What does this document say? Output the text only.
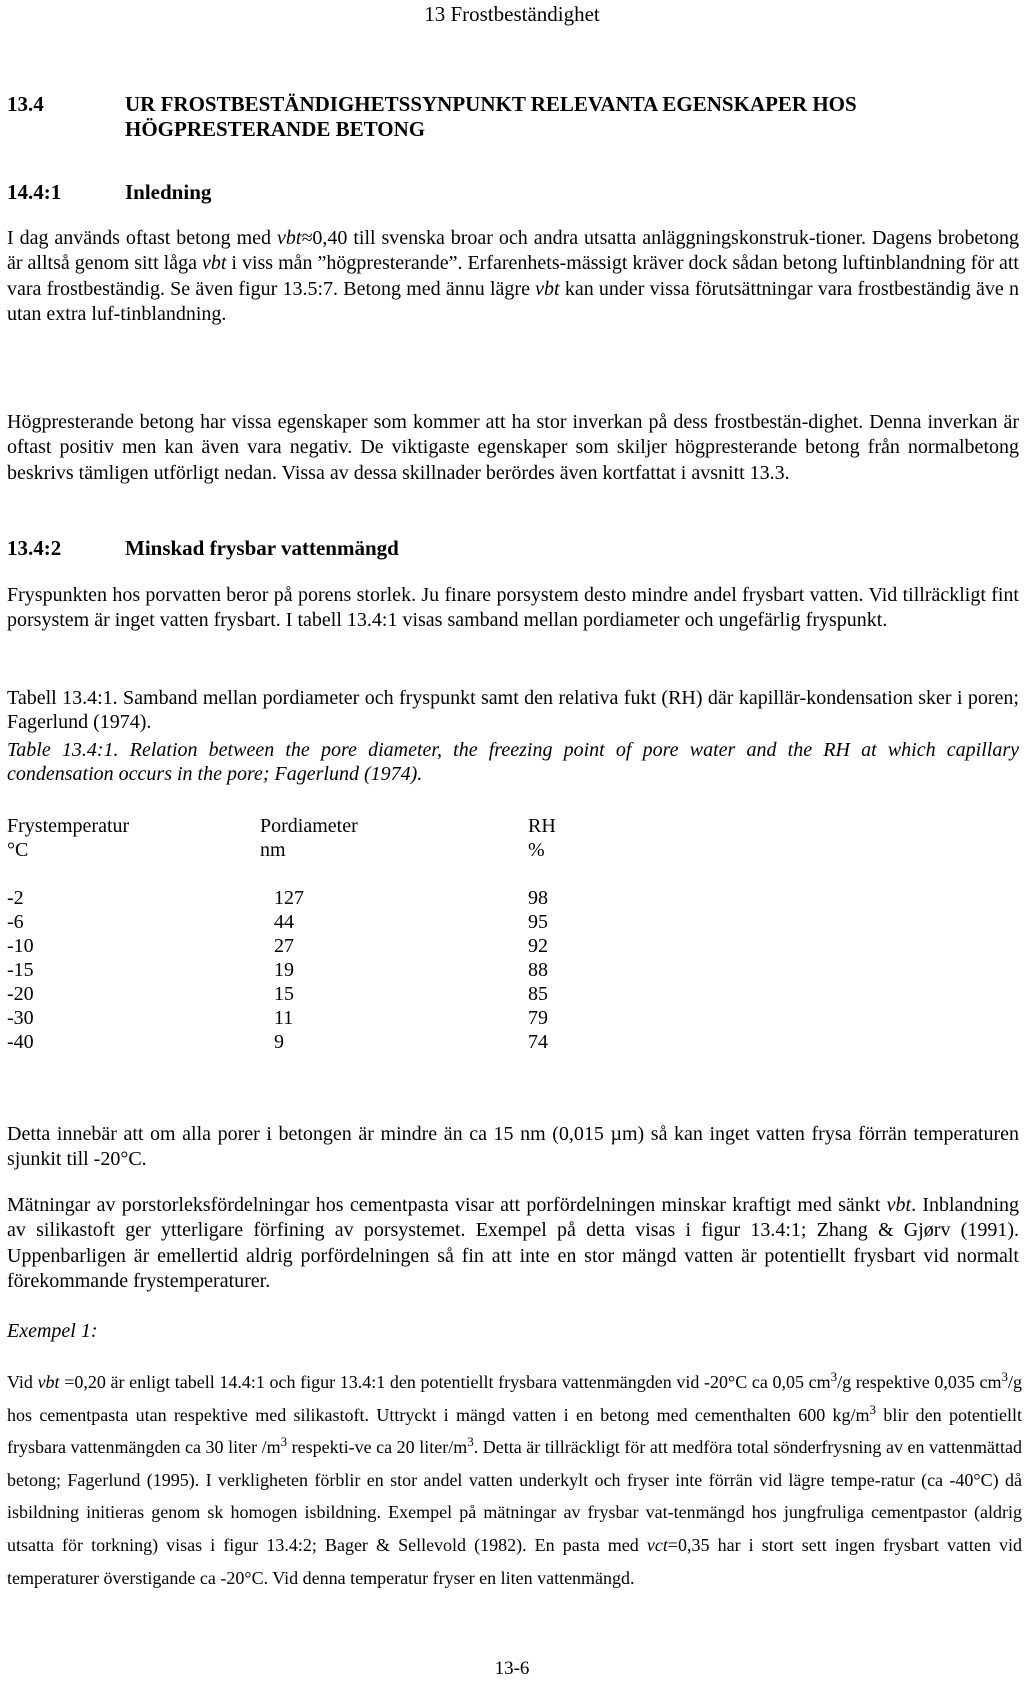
13 Frostbeständighet
13.4	UR FROSTBESTÄNDIGHETSSYNPUNKT RELEVANTA EGENSKAPER HOS
HÖGPRESTERANDE BETONG
14.4:1	Inledning

I dag används oftast betong med vbt≈0,40 till svenska broar och andra utsatta anläggningskonstruk-tioner. Dagens brobetong är alltså genom sitt låga vbt i viss mån ”högpresterande”. Erfarenhets-mässigt kräver dock sådan betong luftinblandning för att vara frostbeständig. Se även figur 13.5:7. Betong med ännu lägre vbt kan under vissa förutsättningar vara frostbeständig äve n utan extra luf-tinblandning.

Högpresterande betong har vissa egenskaper som kommer att ha stor inverkan på dess frostbestän-dighet. Denna inverkan är oftast positiv men kan även vara negativ. De viktigaste egenskaper som skiljer högpresterande betong från normalbetong beskrivs tämligen utförligt nedan. Vissa av dessa skillnader berördes även kortfattat i avsnitt 13.3.

13.4:2	Minskad frysbar vattenmängd

Fryspunkten hos porvatten beror på porens storlek. Ju finare porsystem desto mindre andel frysbart vatten. Vid tillräckligt fint porsystem är inget vatten frysbart. I tabell 13.4:1 visas samband mellan pordiameter och ungefärlig fryspunkt.

Tabell 13.4:1. Samband mellan pordiameter och fryspunkt samt den relativa fukt (RH) där kapillär-kondensation sker i poren; Fagerlund (1974).

Table 13.4:1. Relation between the pore diameter, the freezing point of pore water and the RH at which capillary condensation occurs in the pore; Fagerlund (1974).

Frystemperatur	Pordiameter	RH
°C	nm	%

-2	127	98
-6	44	95
-10	27	92
-15	19	88
-20	15	85
-30	11	79
-40	9	74

Detta innebär att om alla porer i betongen är mindre än ca 15 nm (0,015 µm) så kan inget vatten frysa förrän temperaturen sjunkit till -20°C.

Mätningar av porstorleksfördelningar hos cementpasta visar att porfördelningen minskar kraftigt med sänkt vbt. Inblandning av silikastoft ger ytterligare förfining av porsystemet. Exempel på detta visas i figur 13.4:1; Zhang & Gjørv (1991). Uppenbarligen är emellertid aldrig porfördelningen så fin att inte en stor mängd vatten är potentiellt frysbart vid normalt förekommande frystemperaturer.

Exempel 1:

Vid vbt =0,20 är enligt tabell 14.4:1 och figur 13.4:1 den potentiellt frysbara vattenmängden vid -20°C ca 0,05 $cm^3/g$ respektive 0,035 $cm^3/g$ hos cementpasta utan respektive med silikastoft. Uttryckt i mängd vatten i en betong med cementhalten 600 $kg/m^3$ blir den potentiellt frysbara vattenmängden ca 30 liter $/m^3$ respekti-ve ca 20 liter/$m^3$. Detta är tillräckligt för att medföra total sönderfrysning av en vattenmättad betong; Fagerlund (1995). I verkligheten förblir en stor andel vatten underkylt och fryser inte förrän vid lägre tempe-ratur (ca -40°C) då isbildning initieras genom sk homogen isbildning. Exempel på mätningar av frysbar vat-tenmängd hos jungfruliga cementpastor (aldrig utsatta för torkning) visas i figur 13.4:2; Bager & Sellevold (1982). En pasta med vct=0,35 har i stort sett ingen frysbart vatten vid temperaturer överstigande ca -20°C. Vid denna temperatur fryser en liten vattenmängd.

13-6
